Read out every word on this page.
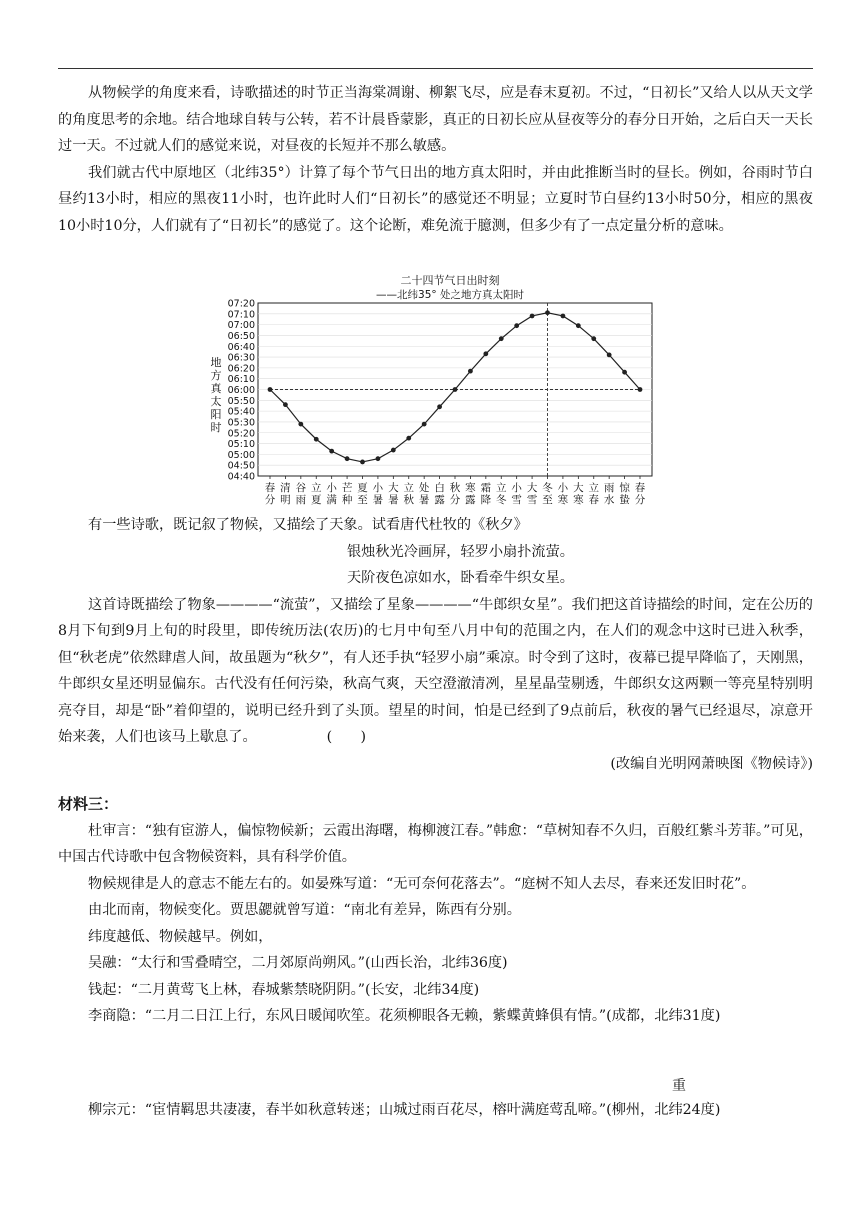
从物候学的角度来看，诗歌描述的时节正当海棠凋谢、柳絮飞尽，应是春末夏初。不过，“日初长”又给人以从天文学的角度思考的余地。结合地球自转与公转，若不计晨昏蒙影，真正的日初长应从昼夜等分的春分日开始，之后白天一天长过一天。不过就人们的感觉来说，对昼夜的长短并不那么敏感。

我们就古代中原地区（北纬35°）计算了每个节气日出的地方真太阳时，并由此推断当时的昼长。例如，谷雨时节白昼约13小时，相应的黑夜11小时，也许此时人们“日初长”的感觉还不明显；立夏时节白昼约13小时50分，相应的黑夜10小时10分，人们就有了“日初长”的感觉了。这个论断，难免流于臆测，但多少有了一点定量分析的意味。

二十四节气日出时刻
——北纬35° 处之地方真太阳时
地
方
真
太
阳
时
04:40
04:50
05:00
05:10
05:20
05:30
05:40
05:50
06:00
06:10
06:20
06:30
06:40
06:50
07:00
07:10
07:20
春分
清明
谷雨
立夏
小满
芒种
夏至
小暑
大暑
立秋
处暑
白露
秋分
寒露
霜降
立冬
小雪
大雪
冬至
小寒
大寒
立春
雨水
惊蛰
春分

有一些诗歌，既记叙了物候，又描绘了天象。试看唐代杜牧的《秋夕》

银烛秋光冷画屏，轻罗小扇扑流萤。

天阶夜色凉如水，卧看牵牛织女星。

这首诗既描绘了物象————“流萤”，又描绘了星象————“牛郎织女星”。我们把这首诗描绘的时间，定在公历的8月下旬到9月上旬的时段里，即传统历法(农历)的七月中旬至八月中旬的范围之内，在人们的观念中这时已进入秋季，但“秋老虎”依然肆虐人间，故虽题为“秋夕”，有人还手执“轻罗小扇”乘凉。时令到了这时，夜幕已提早降临了，天刚黑，牛郎织女星还明显偏东。古代没有任何污染，秋高气爽，天空澄澈清冽，星星晶莹剔透，牛郎织女这两颗一等亮星特别明亮夺目，却是“卧”着仰望的，说明已经升到了头顶。望星的时间，怕是已经到了9点前后，秋夜的暑气已经退尽，凉意开始来袭，人们也该马上歇息了。	(　　)

(改编自光明网萧映图《物候诗》)

材料三：

杜审言：“独有宦游人，偏惊物候新；云霞出海曙，梅柳渡江春。”韩愈：“草树知春不久归，百般红紫斗芳菲。”可见，中国古代诗歌中包含物候资料，具有科学价值。

物候规律是人的意志不能左右的。如晏殊写道：“无可奈何花落去”。“庭树不知人去尽，春来还发旧时花”。

由北而南，物候变化。贾思勰就曾写道：“南北有差异，陈西有分别。

纬度越低、物候越早。例如，

吴融：“太行和雪叠晴空，二月郊原尚朔风。”(山西长治，北纬36度)

钱起：“二月黄莺飞上林，春城紫禁晓阴阴。”(长安，北纬34度)

李商隐：“二月二日江上行，东风日暖闻吹笙。花须柳眼各无赖，紫蝶黄蜂俱有情。”(成都，北纬31度)

重

柳宗元：“宦情羁思共凄凄，春半如秋意转迷；山城过雨百花尽，榕叶满庭莺乱啼。”(柳州，北纬24度)
